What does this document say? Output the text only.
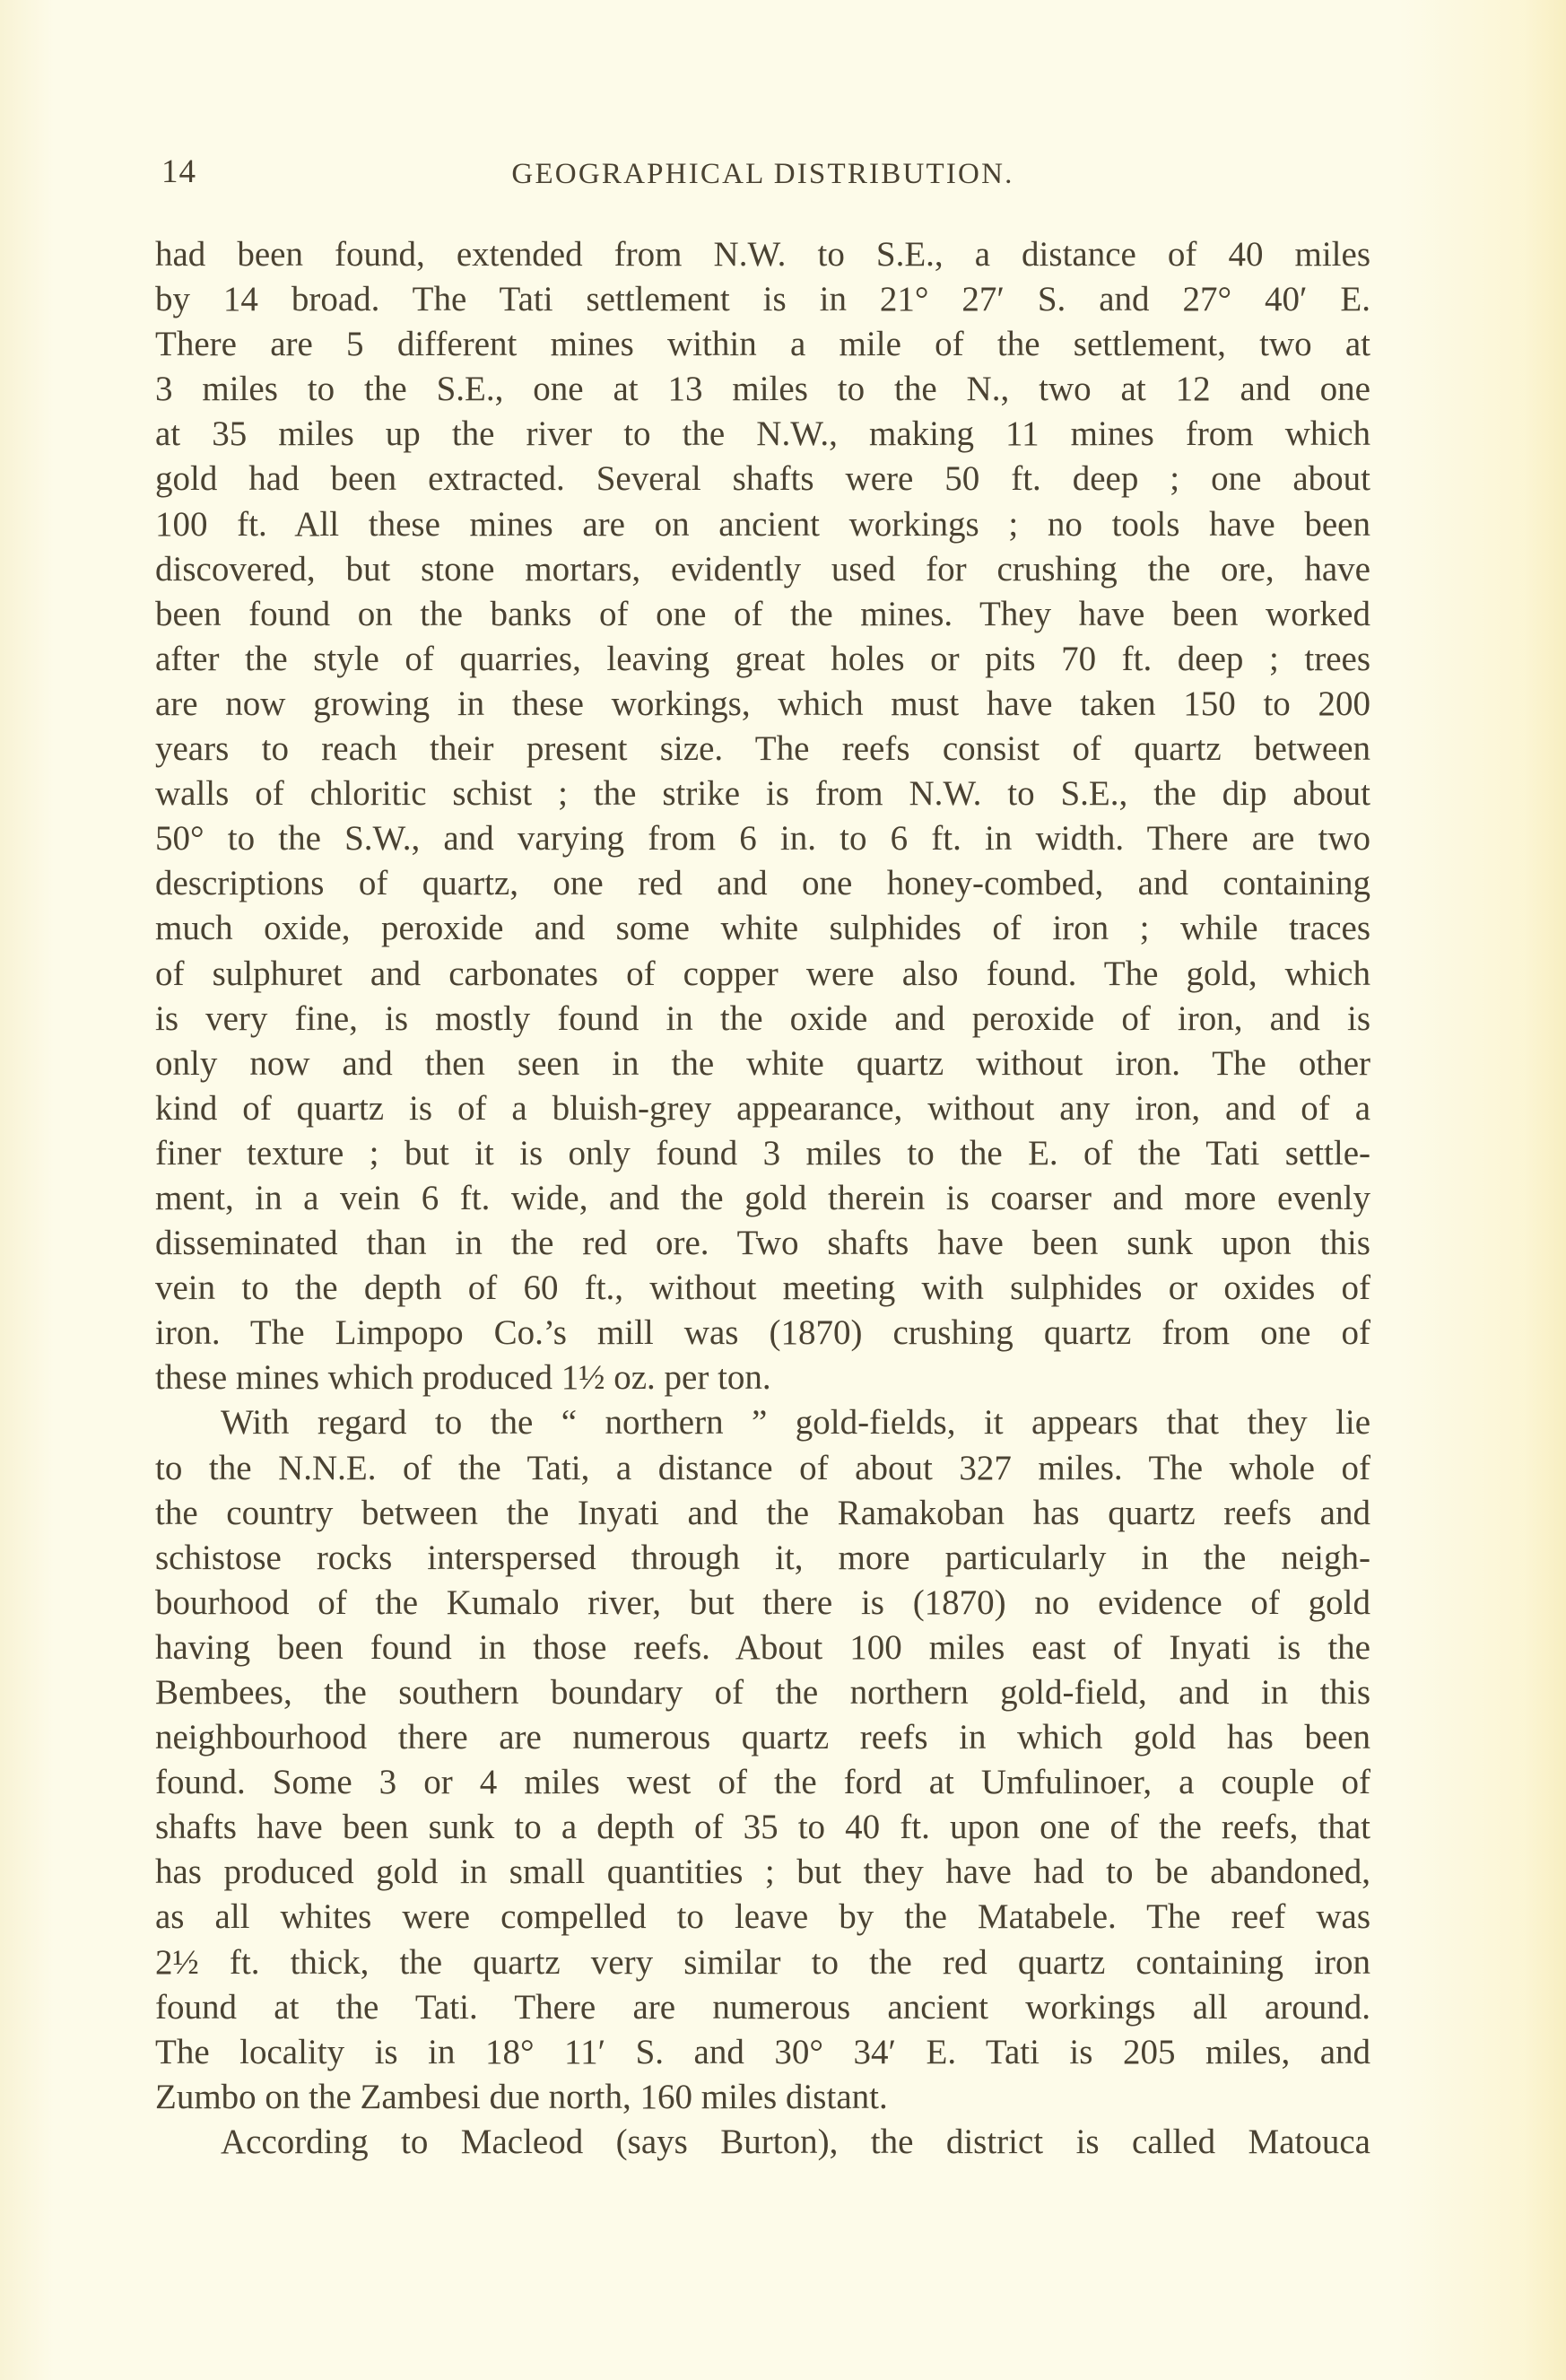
14	GEOGRAPHICAL DISTRIBUTION.
had been found, extended from N.W. to S.E., a distance of 40 miles
by 14 broad. The Tati settlement is in 21° 27′ S. and 27° 40′ E.
There are 5 different mines within a mile of the settlement, two at
3 miles to the S.E., one at 13 miles to the N., two at 12 and one
at 35 miles up the river to the N.W., making 11 mines from which
gold had been extracted. Several shafts were 50 ft. deep ; one about
100 ft. All these mines are on ancient workings ; no tools have been
discovered, but stone mortars, evidently used for crushing the ore, have
been found on the banks of one of the mines. They have been worked
after the style of quarries, leaving great holes or pits 70 ft. deep ; trees
are now growing in these workings, which must have taken 150 to 200
years to reach their present size. The reefs consist of quartz between
walls of chloritic schist ; the strike is from N.W. to S.E., the dip about
50° to the S.W., and varying from 6 in. to 6 ft. in width. There are two
descriptions of quartz, one red and one honey-combed, and containing
much oxide, peroxide and some white sulphides of iron ; while traces
of sulphuret and carbonates of copper were also found. The gold, which
is very fine, is mostly found in the oxide and peroxide of iron, and is
only now and then seen in the white quartz without iron. The other
kind of quartz is of a bluish-grey appearance, without any iron, and of a
finer texture ; but it is only found 3 miles to the E. of the Tati settle-
ment, in a vein 6 ft. wide, and the gold therein is coarser and more evenly
disseminated than in the red ore. Two shafts have been sunk upon this
vein to the depth of 60 ft., without meeting with sulphides or oxides of
iron. The Limpopo Co.’s mill was (1870) crushing quartz from one of
these mines which produced 1½ oz. per ton.
With regard to the “ northern ” gold-fields, it appears that they lie
to the N.N.E. of the Tati, a distance of about 327 miles. The whole of
the country between the Inyati and the Ramakoban has quartz reefs and
schistose rocks interspersed through it, more particularly in the neigh-
bourhood of the Kumalo river, but there is (1870) no evidence of gold
having been found in those reefs. About 100 miles east of Inyati is the
Bembees, the southern boundary of the northern gold-field, and in this
neighbourhood there are numerous quartz reefs in which gold has been
found. Some 3 or 4 miles west of the ford at Umfulinoer, a couple of
shafts have been sunk to a depth of 35 to 40 ft. upon one of the reefs, that
has produced gold in small quantities ; but they have had to be abandoned,
as all whites were compelled to leave by the Matabele. The reef was
2½ ft. thick, the quartz very similar to the red quartz containing iron
found at the Tati. There are numerous ancient workings all around.
The locality is in 18° 11′ S. and 30° 34′ E. Tati is 205 miles, and
Zumbo on the Zambesi due north, 160 miles distant.
According to Macleod (says Burton), the district is called Matouca
